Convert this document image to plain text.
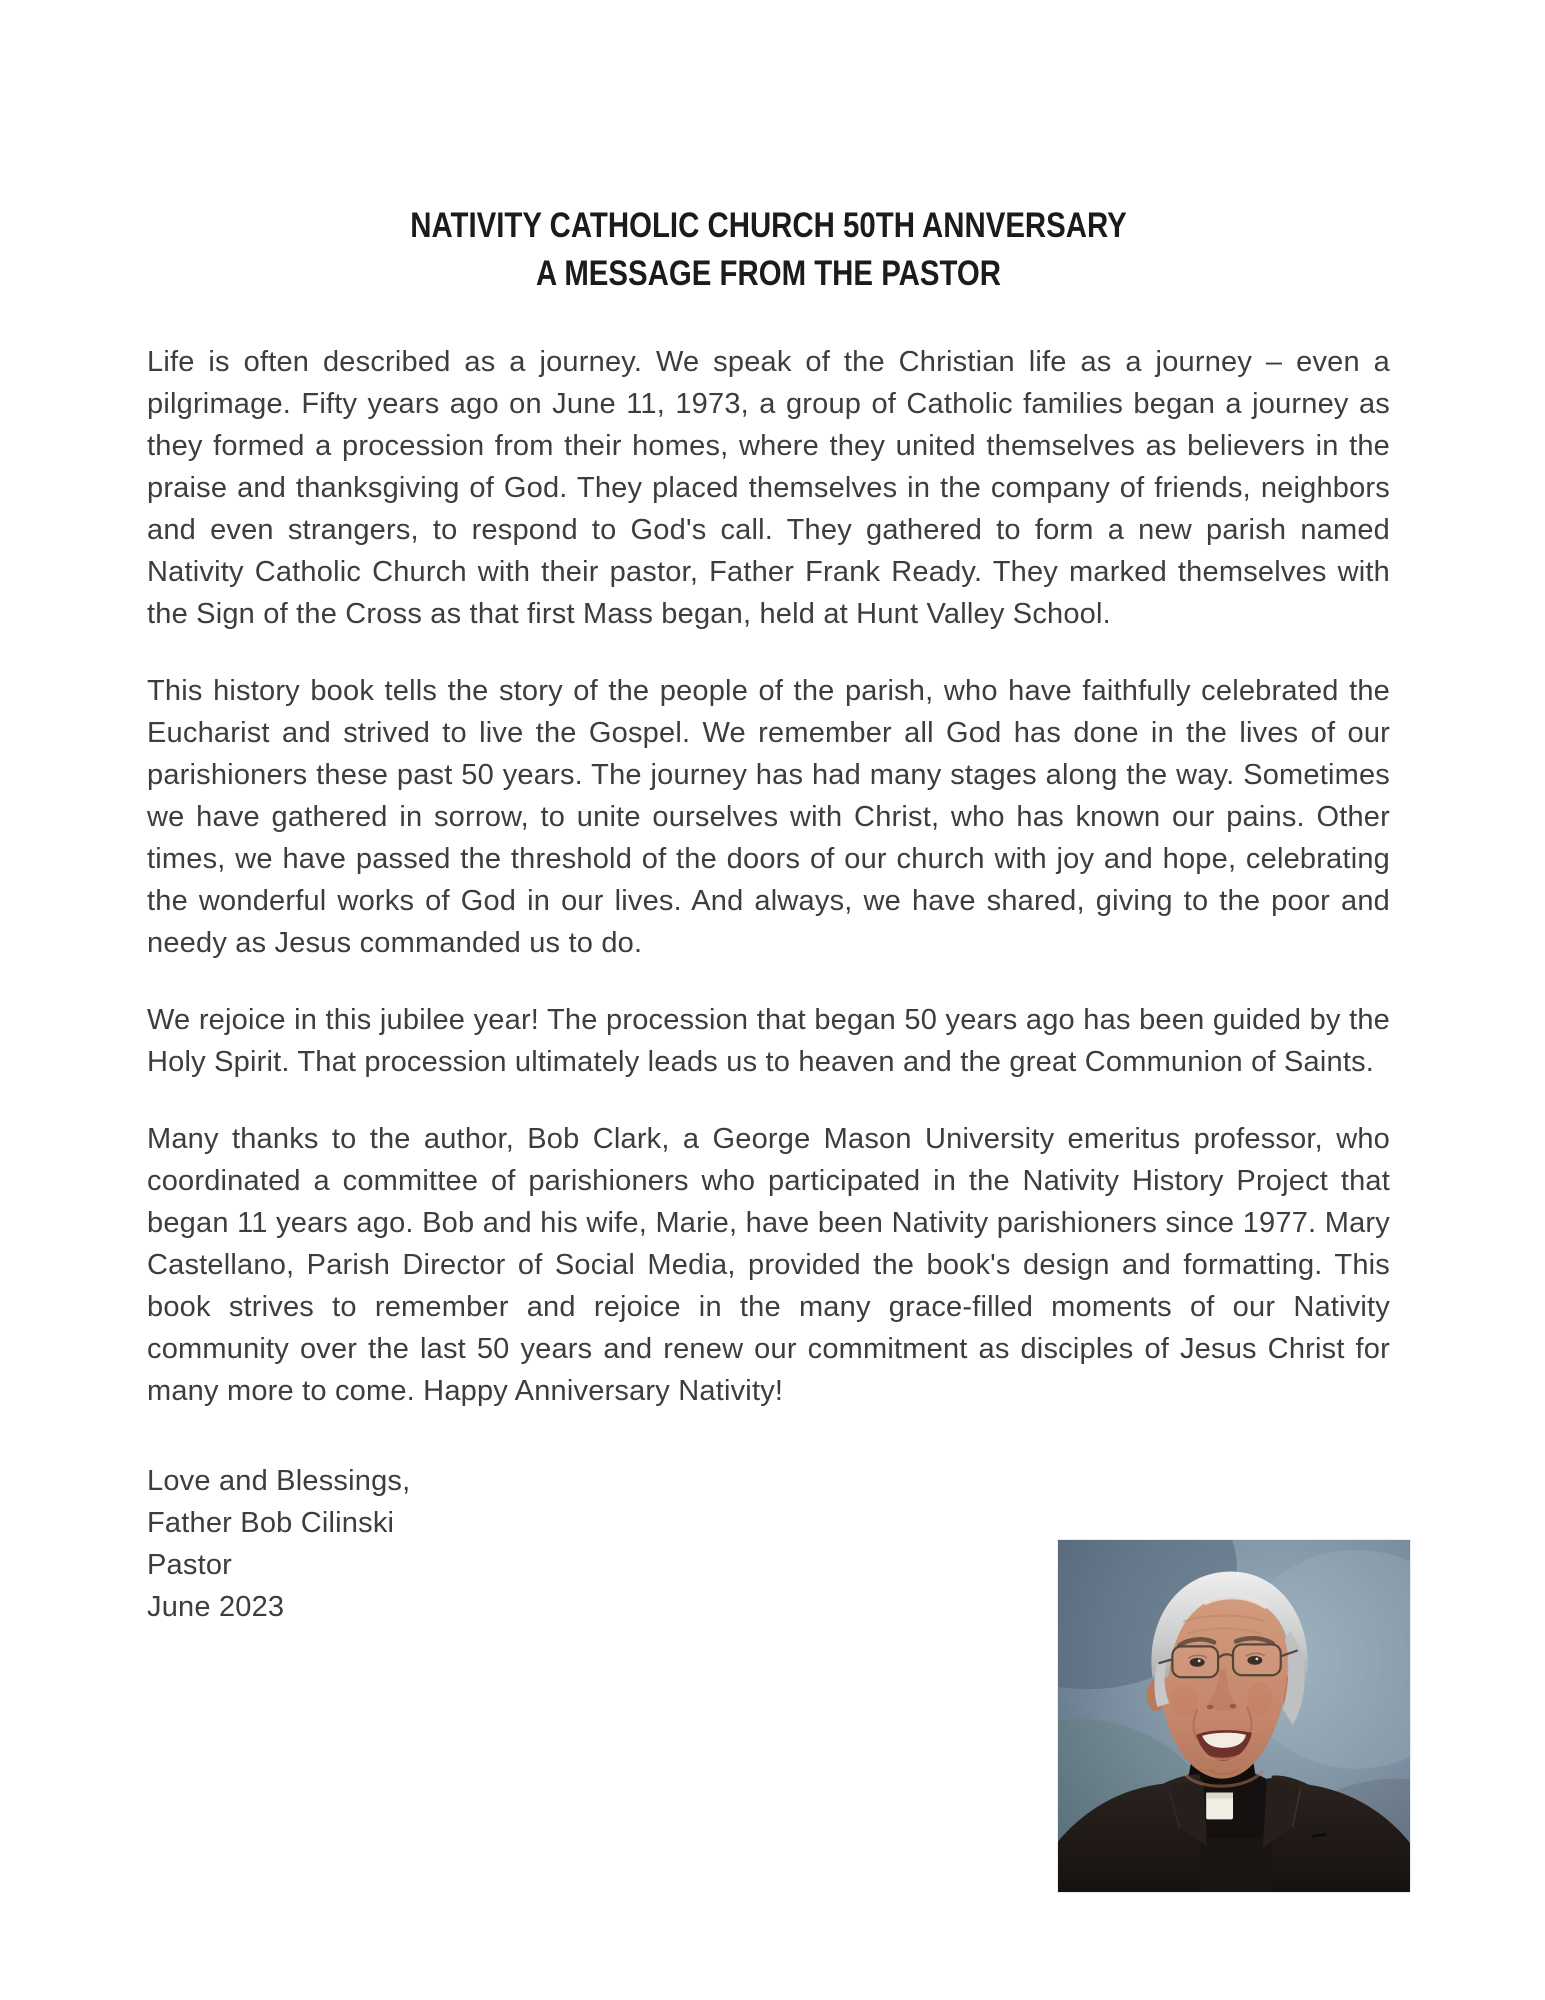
NATIVITY CATHOLIC CHURCH 50TH ANNVERSARY
A MESSAGE FROM THE PASTOR

Life is often described as a journey. We speak of the Christian life as a journey – even a pilgrimage. Fifty years ago on June 11, 1973, a group of Catholic families began a journey as they formed a procession from their homes, where they united themselves as believers in the praise and thanksgiving of God. They placed themselves in the company of friends, neighbors and even strangers, to respond to God's call. They gathered to form a new parish named Nativity Catholic Church with their pastor, Father Frank Ready. They marked themselves with the Sign of the Cross as that first Mass began, held at Hunt Valley School.

This history book tells the story of the people of the parish, who have faithfully celebrated the Eucharist and strived to live the Gospel. We remember all God has done in the lives of our parishioners these past 50 years. The journey has had many stages along the way. Sometimes we have gathered in sorrow, to unite ourselves with Christ, who has known our pains. Other times, we have passed the threshold of the doors of our church with joy and hope, celebrating the wonderful works of God in our lives. And always, we have shared, giving to the poor and needy as Jesus commanded us to do.

We rejoice in this jubilee year! The procession that began 50 years ago has been guided by the Holy Spirit. That procession ultimately leads us to heaven and the great Communion of Saints.

Many thanks to the author, Bob Clark, a George Mason University emeritus professor, who coordinated a committee of parishioners who participated in the Nativity History Project that began 11 years ago. Bob and his wife, Marie, have been Nativity parishioners since 1977. Mary Castellano, Parish Director of Social Media, provided the book's design and formatting. This book strives to remember and rejoice in the many grace-filled moments of our Nativity community over the last 50 years and renew our commitment as disciples of Jesus Christ for many more to come. Happy Anniversary Nativity!

Love and Blessings,
Father Bob Cilinski
Pastor
June 2023
